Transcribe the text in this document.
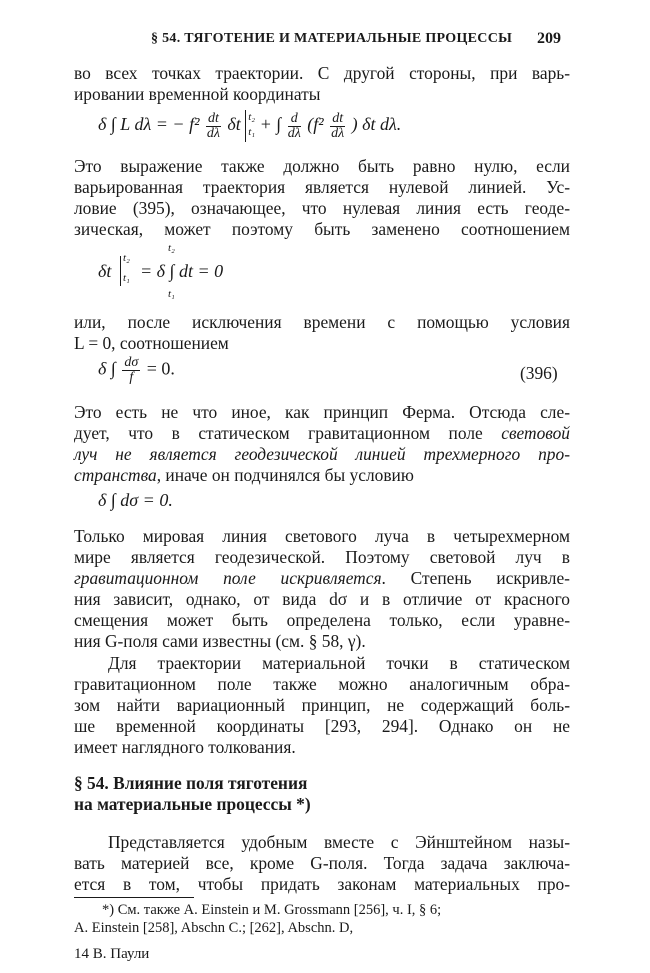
§ 54. ТЯГОТЕНИЕ И МАТЕРИАЛЬНЫЕ ПРОЦЕССЫ 209
во всех точках траектории. С другой стороны, при варь-
ировании временной координаты
δ ∫ L dλ = − $f^2 \frac{dt}{d\lambda}$ δt t₂
t₁ + ∫ $\frac{d}{d\lambda} (f^2 \frac{dt}{d\lambda}$ ) δt dλ.
Это выражение также должно быть равно нулю, если
варьированная траектория является нулевой линией. Ус-
ловие (395), означающее, что нулевая линия есть геоде-
зическая, может поэтому быть заменено соотношением
δt
t₂
t₁ = δ ∫ dt = 0
t₂
t₁
или, после исключения времени с помощью условия
L = 0, соотношением
δ ∫ $\frac{d\sigma}{f} = 0$.	(396)
Это есть не что иное, как принцип Ферма. Отсюда сле-
дует, что в статическом гравитационном поле световой
луч не является геодезической линией трехмерного про-
странства, иначе он подчинялся бы условию
δ ∫ dσ = 0.
Только мировая линия светового луча в четырехмерном
мире является геодезической. Поэтому световой луч в
гравитационном поле искривляется. Степень искривле-
ния зависит, однако, от вида dσ и в отличие от красного
смещения может быть определена только, если уравне-
ния G-поля сами известны (см. § 58, γ).
Для траектории материальной точки в статическом
гравитационном поле также можно аналогичным обра-
зом найти вариационный принцип, не содержащий боль-
ше временной координаты [293, 294]. Однако он не
имеет наглядного толкования.
§ 54. Влияние поля тяготения
на материальные процессы *)
Представляется удобным вместе с Эйнштейном назы-
вать материей все, кроме G-поля. Тогда задача заключа-
ется в том, чтобы придать законам материальных про-
*) См. также A. Einstein и M. Grossmann [256], ч. I, § 6;
A. Einstein [258], Abschn C.; [262], Abschn. D,
14 В. Паули
